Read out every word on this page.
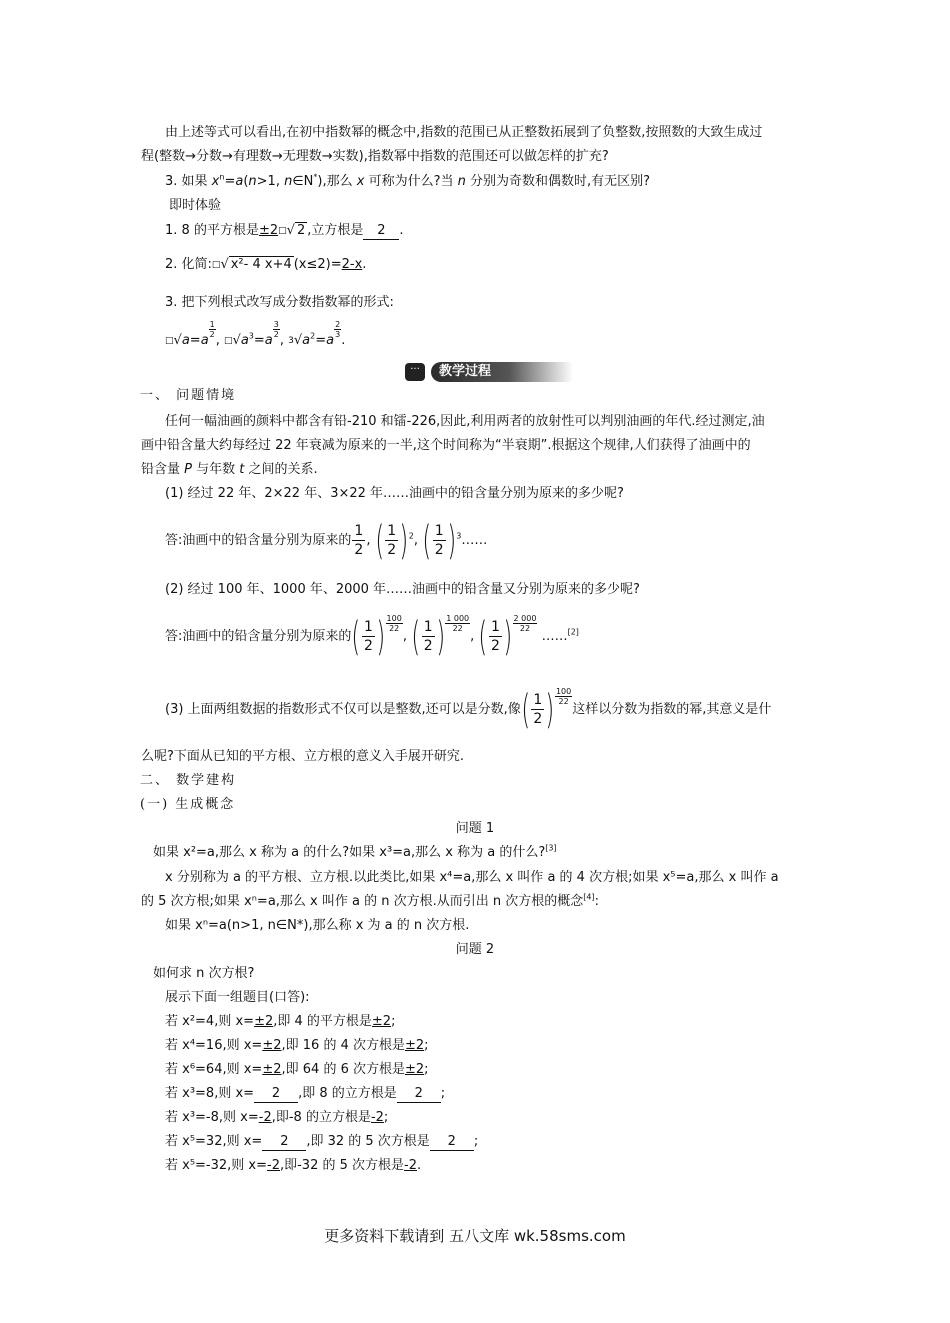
由上述等式可以看出,在初中指数幂的概念中,指数的范围已从正整数拓展到了负整数,按照数的大致生成过
程(整数→分数→有理数→无理数→实数),指数幂中指数的范围还可以做怎样的扩充?
3. 如果 $x^n=a(n>1$, n∈N*),那么 x 可称为什么?当 n 分别为奇数和偶数时,有无区别?
即时体验
1. 8 的平方根是±2□√ 2 ,立方根是 2 .
2. 化简:□√ x²- 4 x+4 (x≤2)=2-x.
3. 把下列根式改写成分数指数幂的形式:
□√a=a
$\frac{1}{2}$
, $^□√a^3=a$
$\frac{3}{2}$
, $^3√a^2=a$
$\frac{2}{3}$
.
···	教学过程
一、 问题情境
任何一幅油画的颜料中都含有铅-210 和镭-226,因此,利用两者的放射性可以判别油画的年代.经过测定,油
画中铅含量大约每经过 22 年衰减为原来的一半,这个时间称为“半衰期”.根据这个规律,人们获得了油画中的
铅含量 P 与年数 t 之间的关系.
(1) 经过 22 年、2×22 年、3×22 年……油画中的铅含量分别为原来的多少呢?
答:油画中的铅含量分别为原来的 $\frac{1}{2}$ , ( $\frac{1}{2} )^2$, ( $\frac{1}{2}$ )$^3$……
(2) 经过 100 年、1000 年、2000 年……油画中的铅含量又分别为原来的多少呢?
答:油画中的铅含量分别为原来的( $\frac{1}{2}$ ) $\frac{100}{22}$
, ( $\frac{1}{2}$ ) $\frac{1 000}{22}$
, ( $\frac{1}{2}$ ) $\frac{2 000}{22}$
……[2]
(3) 上面两组数据的指数形式不仅可以是整数,还可以是分数,像( $\frac{1}{2}$ ) $\frac{100}{22}$
这样以分数为指数的幂,其意义是什
么呢?下面从已知的平方根、立方根的意义入手展开研究.
二、 数学建构
(一) 生成概念
问题 1
如果 x²=a,那么 x 称为 a 的什么?如果 x³=a,那么 x 称为 a 的什么?[3]
x 分别称为 a 的平方根、立方根.以此类比,如果 x⁴=a,那么 x 叫作 a 的 4 次方根;如果 x⁵=a,那么 x 叫作 a
的 5 次方根;如果 xⁿ=a,那么 x 叫作 a 的 n 次方根.从而引出 n 次方根的概念[4]:
如果 xⁿ=a(n>1, n∈N*),那么称 x 为 a 的 n 次方根.
问题 2
如何求 n 次方根?
展示下面一组题目(口答):
若 x²=4,则 x=±2,即 4 的平方根是±2;
若 x⁴=16,则 x=±2,即 16 的 4 次方根是±2;
若 x⁶=64,则 x=±2,即 64 的 6 次方根是±2;
若 x³=8,则 x= 2 ,即 8 的立方根是 2 ;
若 x³=-8,则 x=-2,即-8 的立方根是-2;
若 x⁵=32,则 x= 2 ,即 32 的 5 次方根是 2 ;
若 x⁵=-32,则 x=-2,即-32 的 5 次方根是-2.
更多资料下载请到 五八文库 wk.58sms.com
